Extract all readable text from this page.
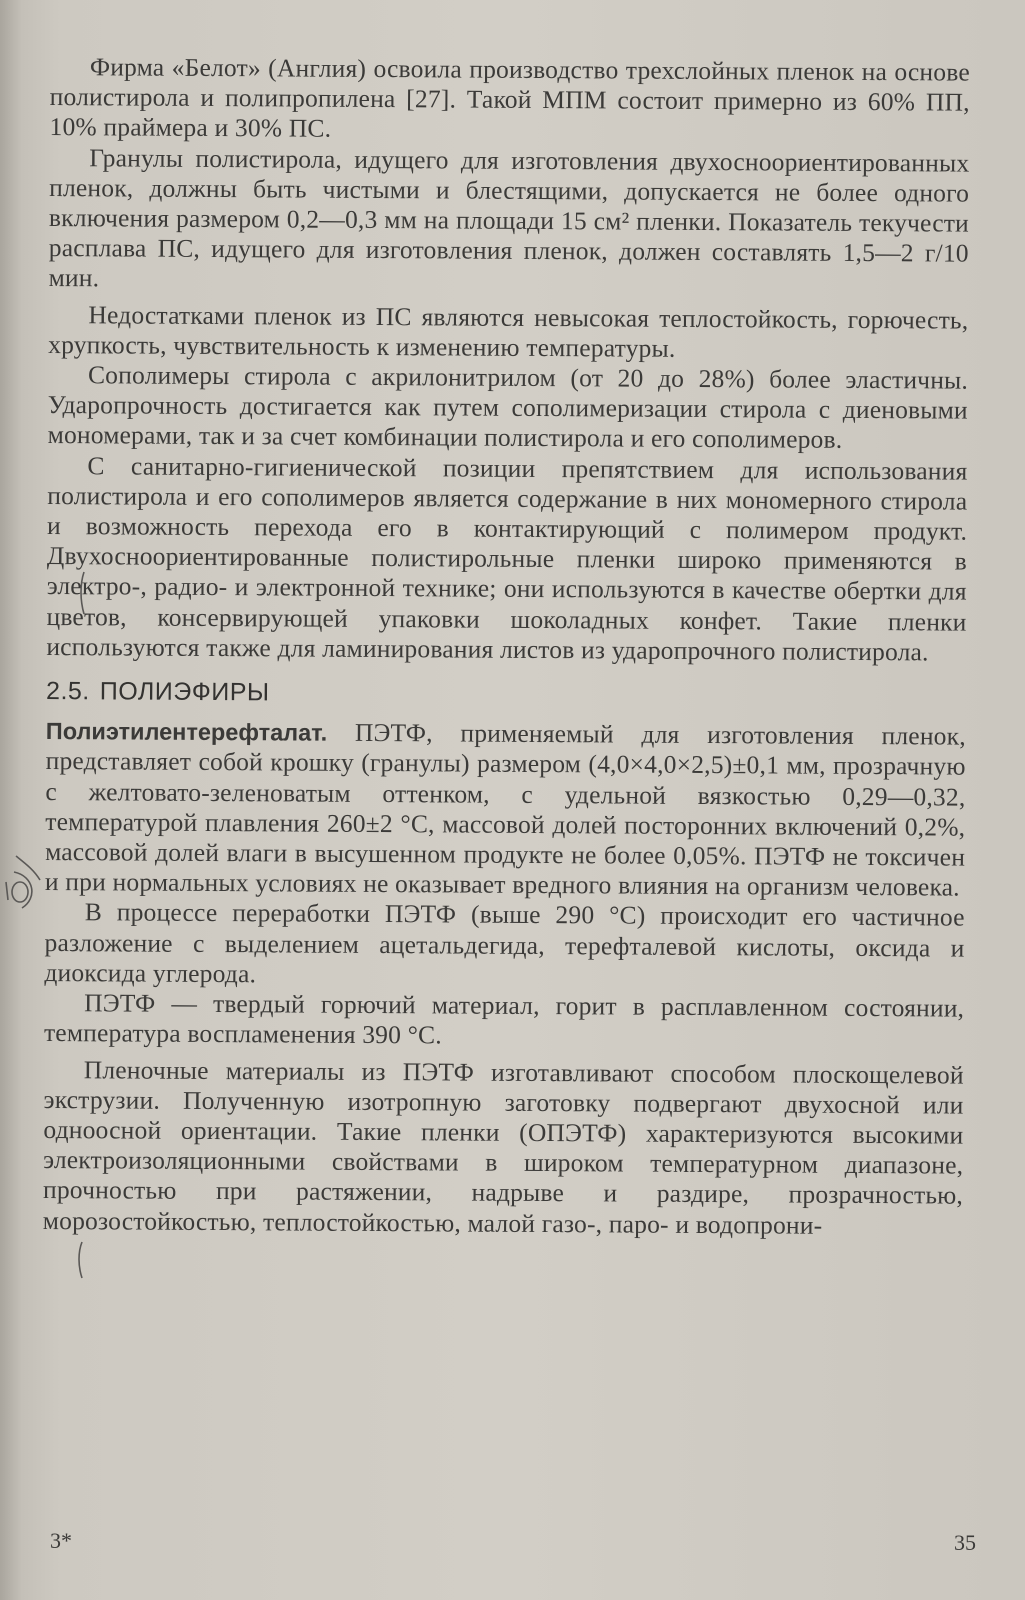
Фирма «Белот» (Англия) освоила производство трехслойных пленок на основе полистирола и полипропилена [27]. Такой МПМ состоит примерно из 60% ПП, 10% праймера и 30% ПС.

Гранулы полистирола, идущего для изготовления двухосноориентированных пленок, должны быть чистыми и блестящими, допускается не более одного включения размером 0,2—0,3 мм на площади 15 см² пленки. Показатель текучести расплава ПС, идущего для изготовления пленок, должен составлять 1,5—2 г/10 мин.

Недостатками пленок из ПС являются невысокая теплостойкость, горючесть, хрупкость, чувствительность к изменению температуры.

Сополимеры стирола с акрилонитрилом (от 20 до 28%) более эластичны. Ударопрочность достигается как путем сополимеризации стирола с диеновыми мономерами, так и за счет комбинации полистирола и его сополимеров.

С санитарно-гигиенической позиции препятствием для использования полистирола и его сополимеров является содержание в них мономерного стирола и возможность перехода его в контактирующий с полимером продукт. Двухосноориентированные полистирольные пленки широко применяются в электро-, радио- и электронной технике; они используются в качестве обертки для цветов, консервирующей упаковки шоколадных конфет. Такие пленки используются также для ламинирования листов из ударопрочного полистирола.

2.5. ПОЛИЭФИРЫ

Полиэтилентерефталат. ПЭТФ, применяемый для изготовления пленок, представляет собой крошку (гранулы) размером (4,0×4,0×2,5)±0,1 мм, прозрачную с желтовато-зеленоватым оттенком, с удельной вязкостью 0,29—0,32, температурой плавления 260±2 °С, массовой долей посторонних включений 0,2%, массовой долей влаги в высушенном продукте не более 0,05%. ПЭТФ не токсичен и при нормальных условиях не оказывает вредного влияния на организм человека.

В процессе переработки ПЭТФ (выше 290 °С) происходит его частичное разложение с выделением ацетальдегида, терефталевой кислоты, оксида и диоксида углерода.

ПЭТФ — твердый горючий материал, горит в расплавленном состоянии, температура воспламенения 390 °С.

Пленочные материалы из ПЭТФ изготавливают способом плоскощелевой экструзии. Полученную изотропную заготовку подвергают двухосной или одноосной ориентации. Такие пленки (ОПЭТФ) характеризуются высокими электроизоляционными свойствами в широком температурном диапазоне, прочностью при растяжении, надрыве и раздире, прозрачностью, морозостойкостью, теплостойкостью, малой газо-, паро- и водопрони-

3*	35
